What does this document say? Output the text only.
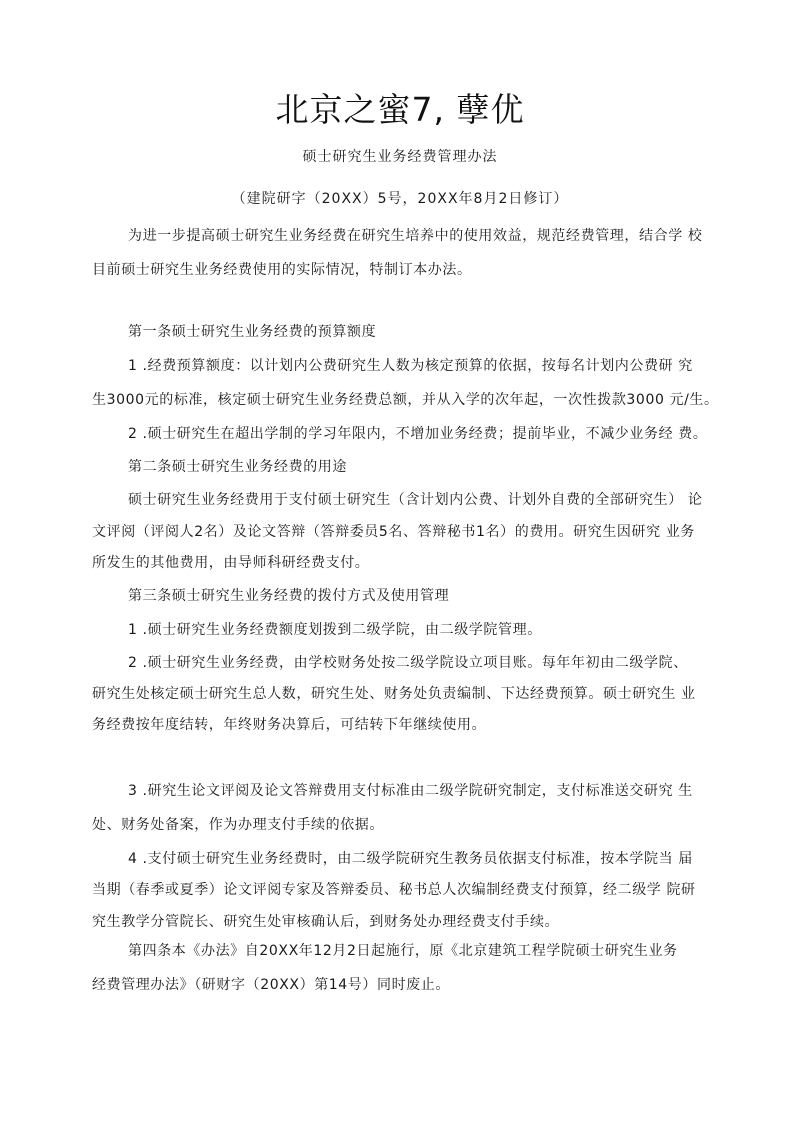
北京之蜜7, 孽优
硕士研究生业务经费管理办法
（建院研字（20XX）5号，20XX年8月2日修订）
为进一步提高硕士研究生业务经费在研究生培养中的使用效益，规范经费管理，结合学 校
目前硕士研究生业务经费使用的实际情况，特制订本办法。
第一条硕士研究生业务经费的预算额度
1 .经费预算额度：以计划内公费研究生人数为核定预算的依据，按每名计划内公费研 究
生3000元的标准，核定硕士研究生业务经费总额，并从入学的次年起，一次性拨款3000 元/生。
2 .硕士研究生在超出学制的学习年限内，不增加业务经费；提前毕业，不减少业务经 费。
第二条硕士研究生业务经费的用途
硕士研究生业务经费用于支付硕士研究生（含计划内公费、计划外自费的全部研究生） 论
文评阅（评阅人2名）及论文答辩（答辩委员5名、答辩秘书1名）的费用。研究生因研究 业务
所发生的其他费用，由导师科研经费支付。
第三条硕士研究生业务经费的拨付方式及使用管理
1 .硕士研究生业务经费额度划拨到二级学院，由二级学院管理。
2 .硕士研究生业务经费，由学校财务处按二级学院设立项目账。每年年初由二级学院、
研究生处核定硕士研究生总人数，研究生处、财务处负责编制、下达经费预算。硕士研究生 业
务经费按年度结转，年终财务决算后，可结转下年继续使用。
3 .研究生论文评阅及论文答辩费用支付标准由二级学院研究制定，支付标准送交研究 生
处、财务处备案，作为办理支付手续的依据。
4 .支付硕士研究生业务经费时，由二级学院研究生教务员依据支付标准，按本学院当 届
当期（春季或夏季）论文评阅专家及答辩委员、秘书总人次编制经费支付预算，经二级学 院研
究生教学分管院长、研究生处审核确认后，到财务处办理经费支付手续。
第四条本《办法》自20XX年12月2日起施行，原《北京建筑工程学院硕士研究生业务
经费管理办法》（研财字（20XX）第14号）同时废止。
